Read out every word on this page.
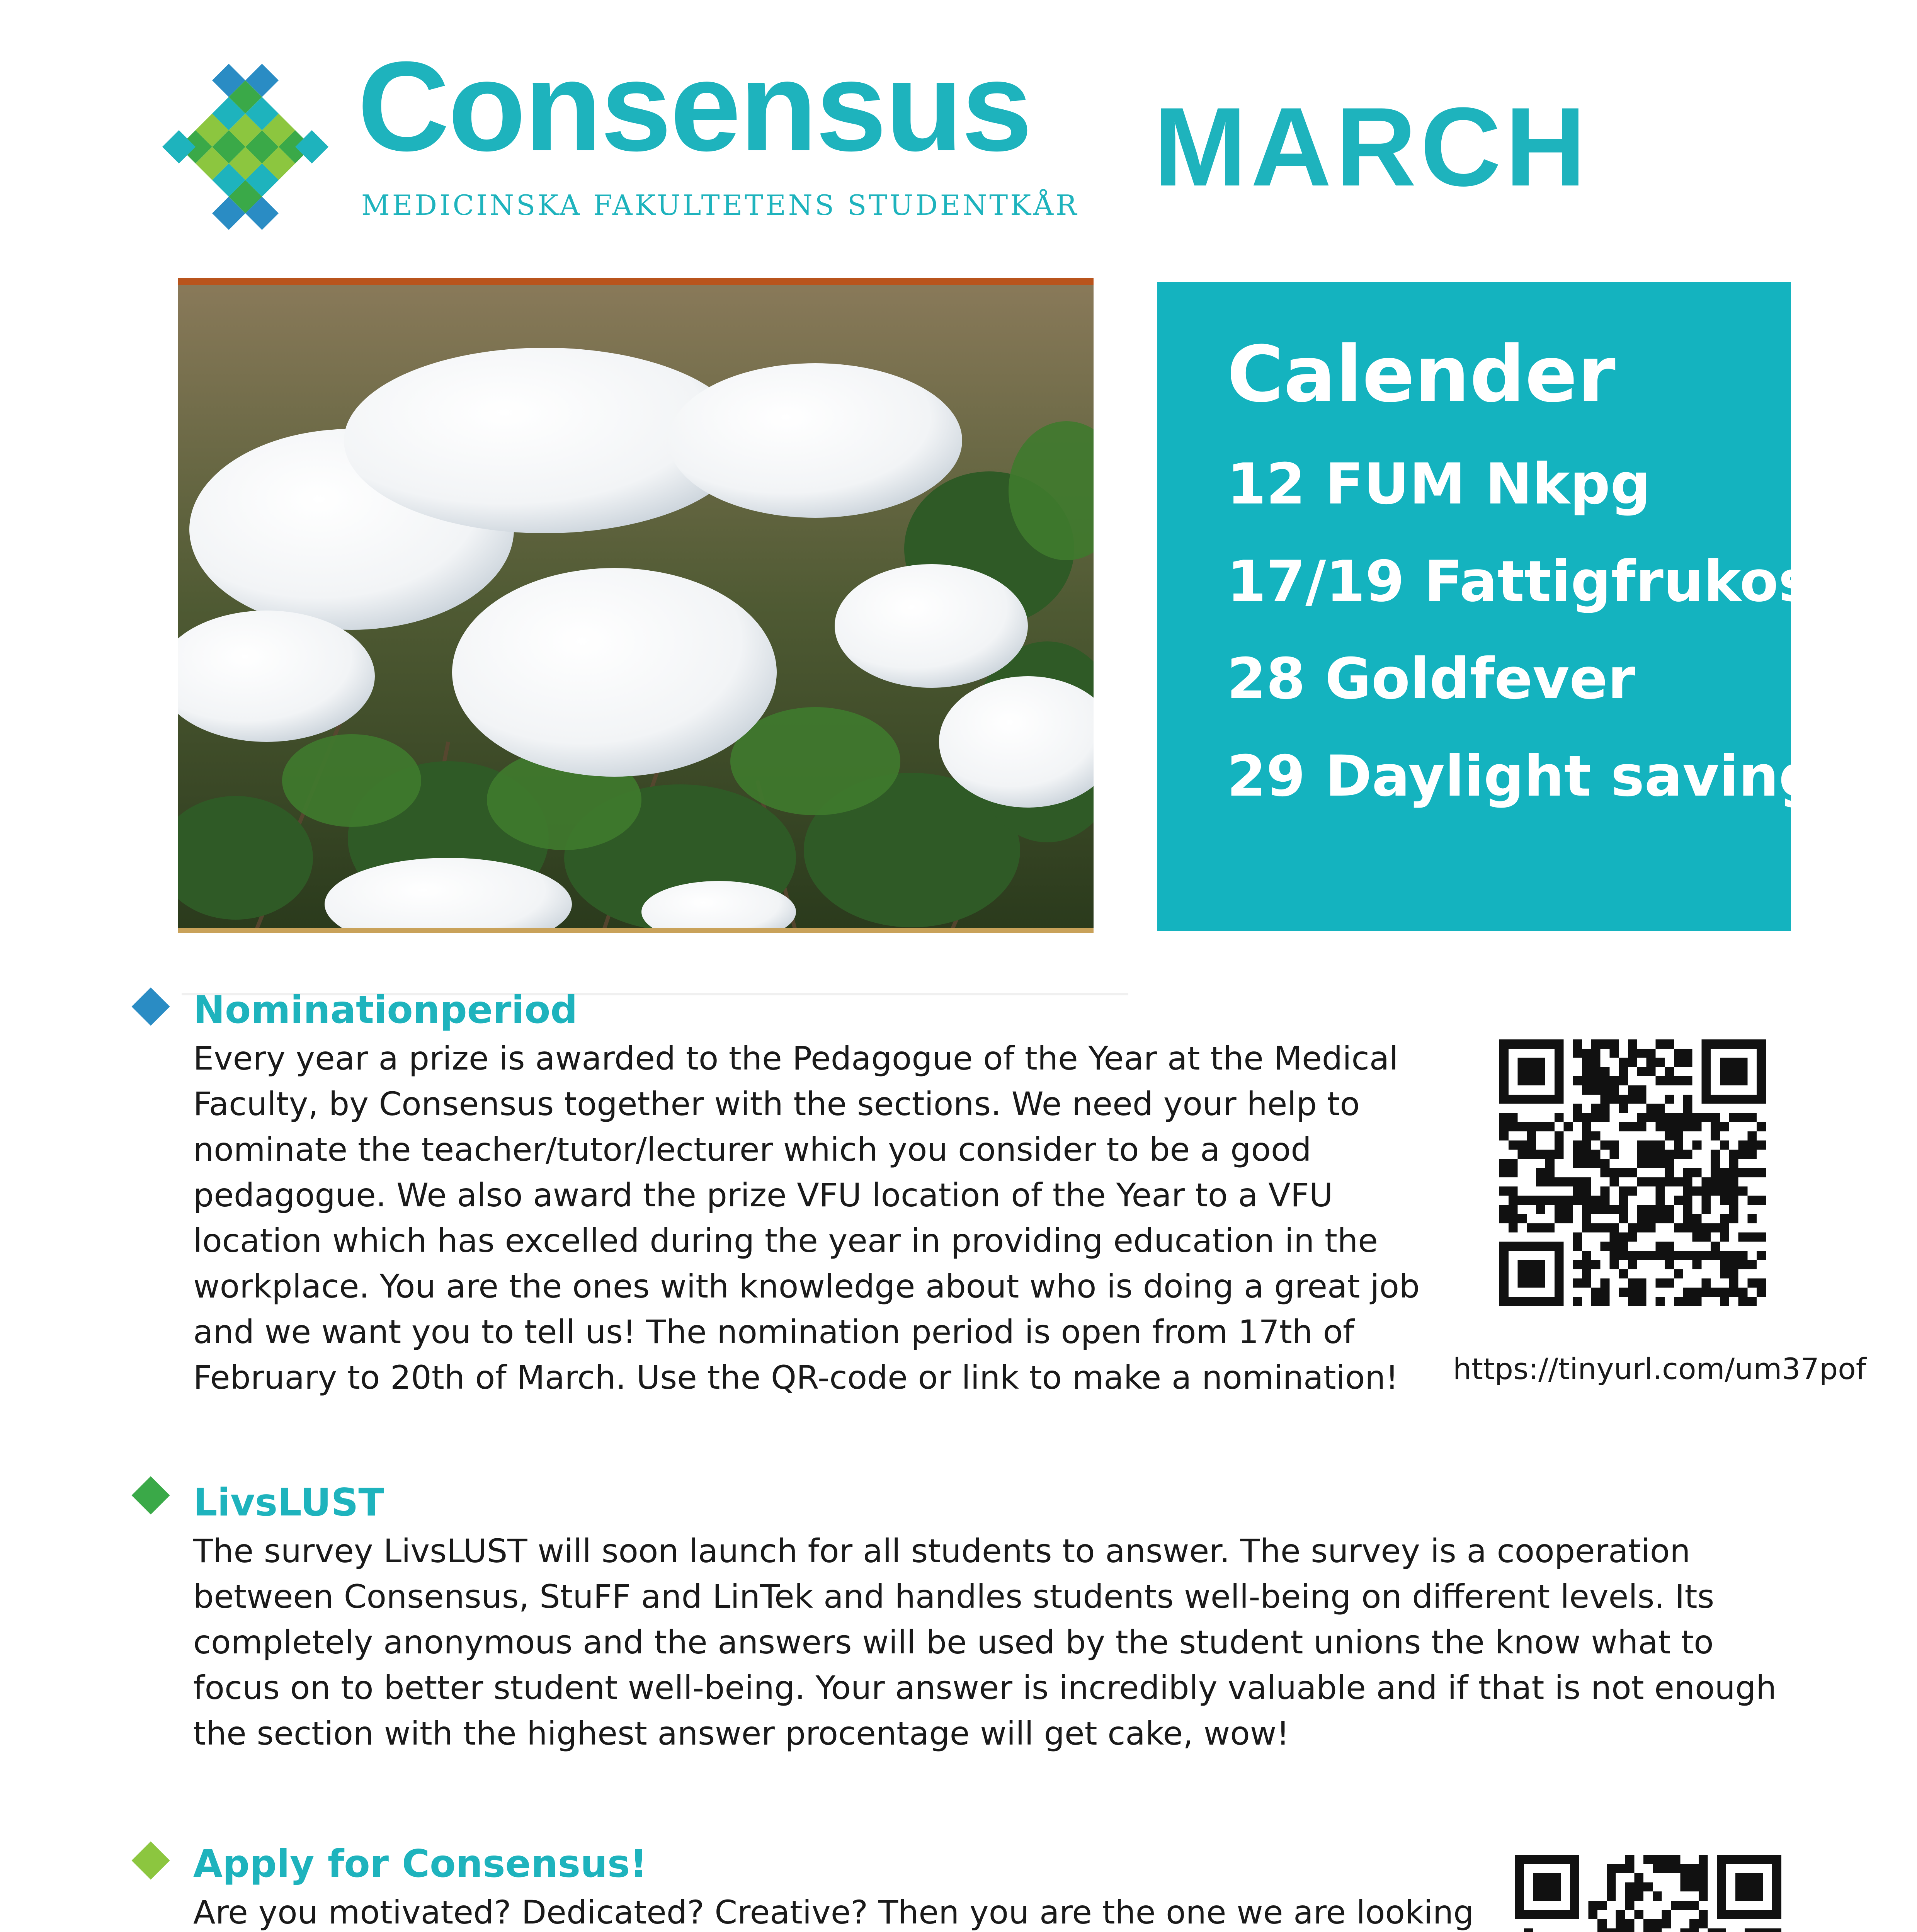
Consensus

MEDICINSKA FAKULTETENS STUDENTKÅR MARCH

Calender

12 FUM Nkpg

17/19 Fattigfrukost

28 Goldfever

29 Daylight saving

Nominationperiod
Every year a prize is awarded to the Pedagogue of the Year at the Medical
Faculty, by Consensus together with the sections. We need your help to
nominate the teacher/tutor/lecturer which you consider to be a good
pedagogue. We also award the prize VFU location of the Year to a VFU
location which has excelled during the year in providing education in the
workplace. You are the ones with knowledge about who is doing a great job
and we want you to tell us! The nomination period is open from 17th of
February to 20th of March. Use the QR-code or link to make a nomination!	https://tinyurl.com/um37pof

LivsLUST
The survey LivsLUST will soon launch for all students to answer. The survey is a cooperation
between Consensus, StuFF and LinTek and handles students well-being on different levels. Its
completely anonymous and the answers will be used by the student unions the know what to
focus on to better student well-being. Your answer is incredibly valuable and if that is not enough
the section with the highest answer procentage will get cake, wow!
Apply for Consensus!
Are you motivated? Dedicated? Creative? Then you are the one we are looking
